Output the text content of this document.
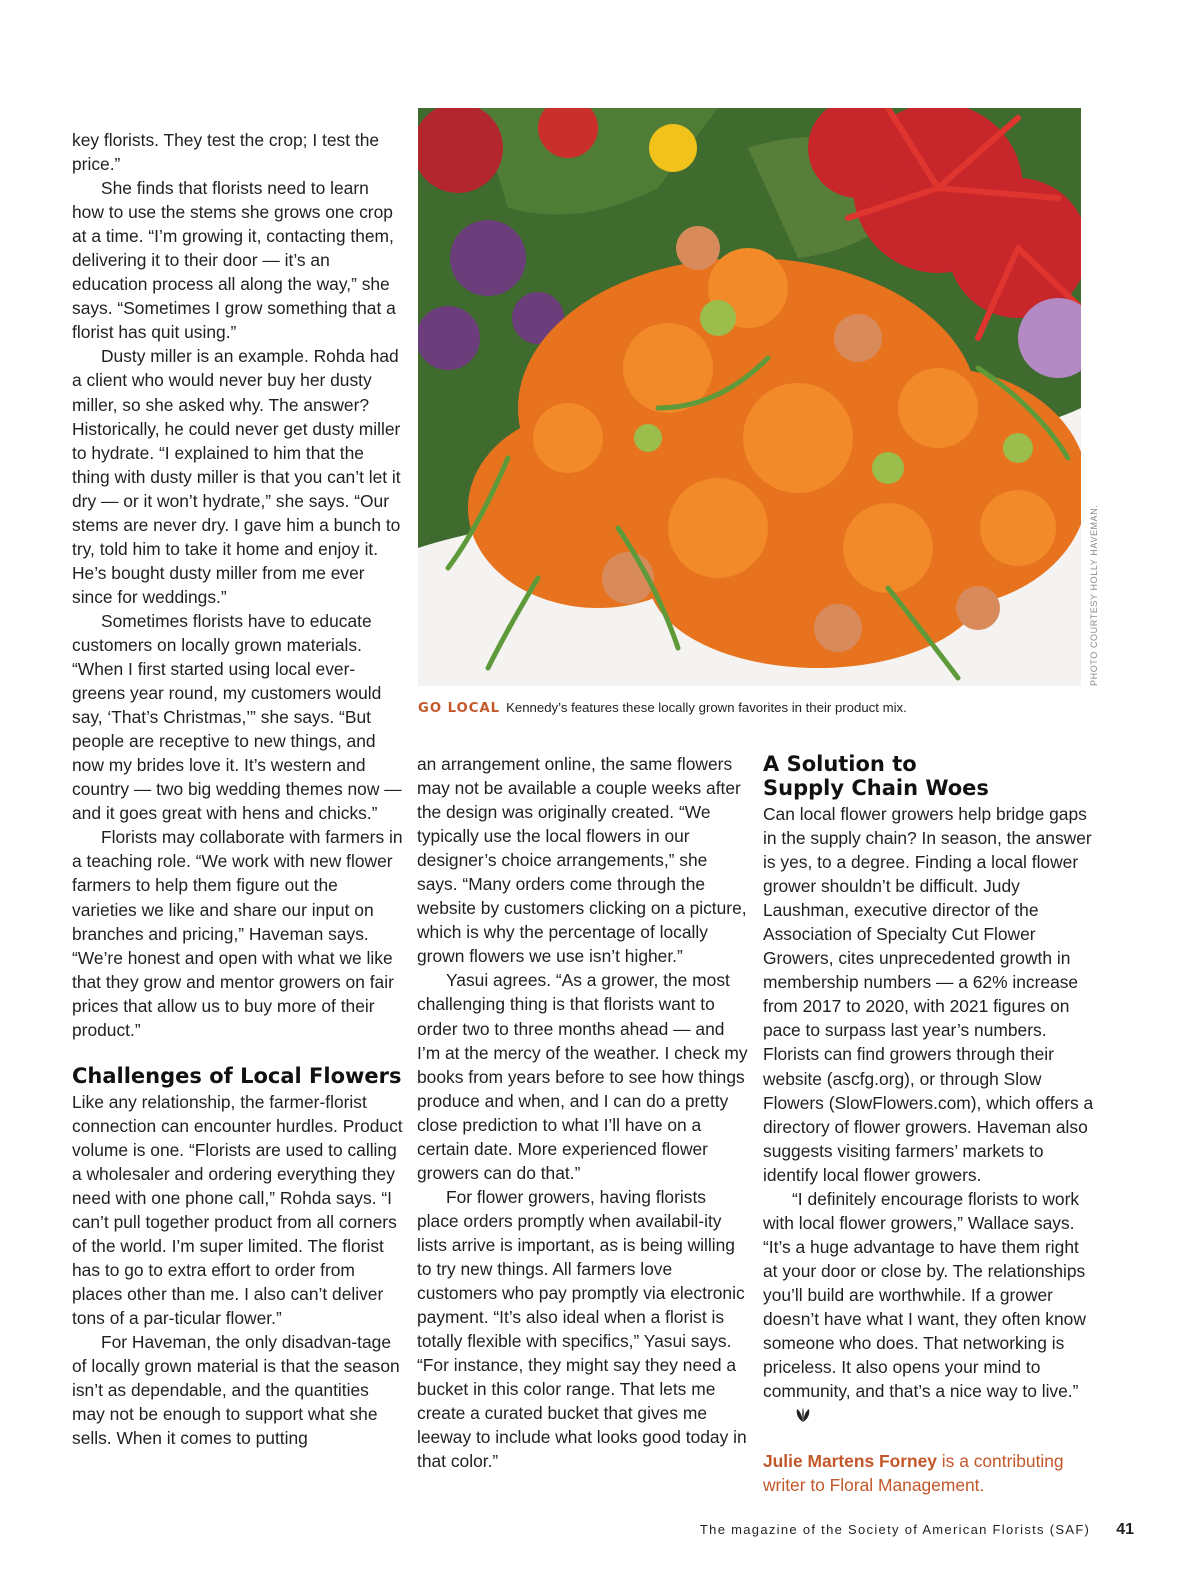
key florists. They test the crop; I test the price.”

She finds that florists need to learn how to use the stems she grows one crop at a time. “I’m growing it, contacting them, delivering it to their door — it’s an education process all along the way,” she says. “Sometimes I grow something that a florist has quit using.”

Dusty miller is an example. Rohda had a client who would never buy her dusty miller, so she asked why. The answer? Historically, he could never get dusty miller to hydrate. “I explained to him that the thing with dusty miller is that you can’t let it dry — or it won’t hydrate,” she says. “Our stems are never dry. I gave him a bunch to try, told him to take it home and enjoy it. He’s bought dusty miller from me ever since for weddings.”

Sometimes florists have to educate customers on locally grown materials. “When I first started using local ever-greens year round, my customers would say, ‘That’s Christmas,’” she says. “But people are receptive to new things, and now my brides love it. It’s western and country — two big wedding themes now — and it goes great with hens and chicks.”

Florists may collaborate with farmers in a teaching role. “We work with new flower farmers to help them figure out the varieties we like and share our input on branches and pricing,” Haveman says. “We’re honest and open with what we like that they grow and mentor growers on fair prices that allow us to buy more of their product.”

Challenges of Local Flowers

Like any relationship, the farmer-florist connection can encounter hurdles. Product volume is one. “Florists are used to calling a wholesaler and ordering everything they need with one phone call,” Rohda says. “I can’t pull together product from all corners of the world. I’m super limited. The florist has to go to extra effort to order from places other than me. I also can’t deliver tons of a par-ticular flower.”

For Haveman, the only disadvan-tage of locally grown material is that the season isn’t as dependable, and the quantities may not be enough to support what she sells. When it comes to putting

PHOTO COURTESY HOLLY HAVEMAN.
GO LOCAL Kennedy’s features these locally grown favorites in their product mix.

an arrangement online, the same flowers may not be available a couple weeks after the design was originally created. “We typically use the local flowers in our designer’s choice arrangements,” she says. “Many orders come through the website by customers clicking on a picture, which is why the percentage of locally grown flowers we use isn’t higher.”

Yasui agrees. “As a grower, the most challenging thing is that florists want to order two to three months ahead — and I’m at the mercy of the weather. I check my books from years before to see how things produce and when, and I can do a pretty close prediction to what I’ll have on a certain date. More experienced flower growers can do that.”

For flower growers, having florists place orders promptly when availabil-ity lists arrive is important, as is being willing to try new things. All farmers love customers who pay promptly via electronic payment. “It’s also ideal when a florist is totally flexible with specifics,” Yasui says. “For instance, they might say they need a bucket in this color range. That lets me create a curated bucket that gives me leeway to include what looks good today in that color.”

A Solution to
Supply Chain Woes

Can local flower growers help bridge gaps in the supply chain? In season, the answer is yes, to a degree. Finding a local flower grower shouldn’t be difficult. Judy Laushman, executive director of the Association of Specialty Cut Flower Growers, cites unprecedented growth in membership numbers — a 62% increase from 2017 to 2020, with 2021 figures on pace to surpass last year’s numbers. Florists can find growers through their website (ascfg.org), or through Slow Flowers (SlowFlowers.com), which offers a directory of flower growers. Haveman also suggests visiting farmers’ markets to identify local flower growers.

“I definitely encourage florists to work with local flower growers,” Wallace says. “It’s a huge advantage to have them right at your door or close by. The relationships you’ll build are worthwhile. If a grower doesn’t have what I want, they often know someone who does. That networking is priceless. It also opens your mind to community, and that’s a nice way to live.”

Julie Martens Forney is a contributing writer to Floral Management.

The magazine of the Society of American Florists (SAF) 41
